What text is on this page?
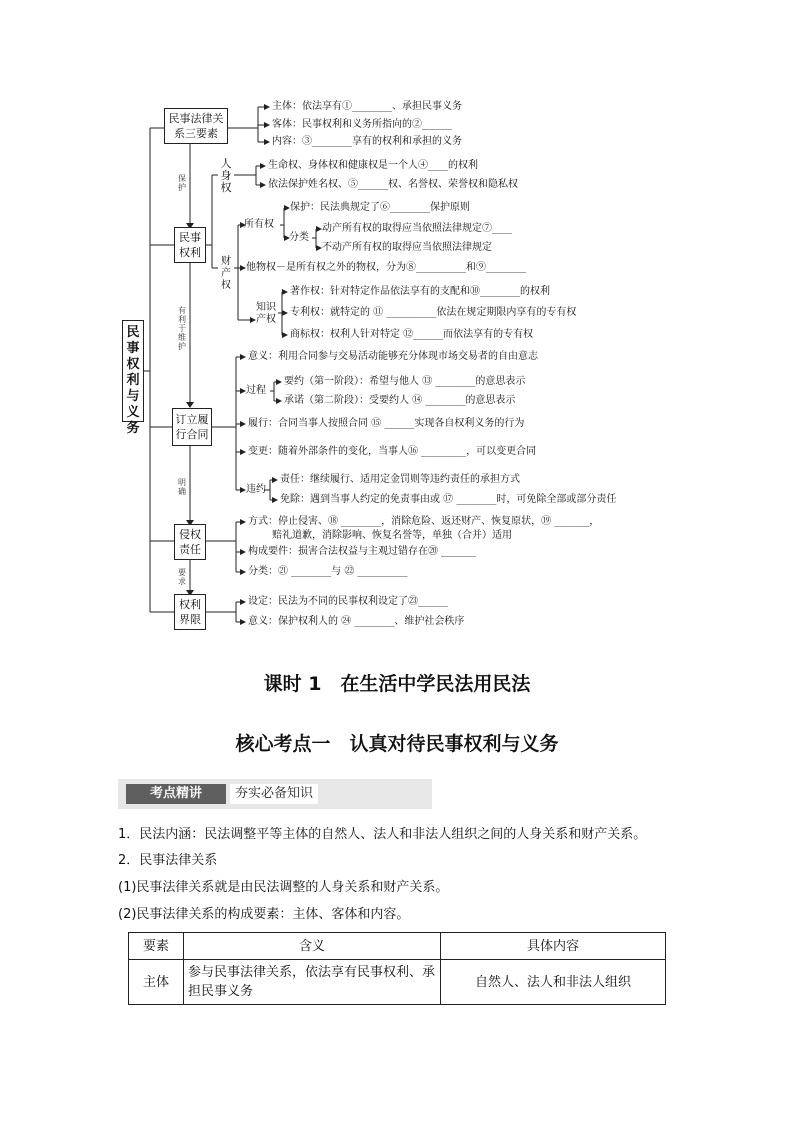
民事权利与义务
民事法律关系三要素
民事权利
订立履行合同
侵权责任
权利界限
保护
有利于维护
明确
要求
人身权
财产权
所有权
知识产权
过程
违约
分类
主体：依法享有①________、承担民事义务
客体：民事权利和义务所指向的②______
内容：③________享有的权利和承担的义务
生命权、身体权和健康权是一个人④____的权利
依法保护姓名权、⑤______权、名誉权、荣誉权和隐私权
保护：民法典规定了⑥________保护原则
动产所有权的取得应当依照法律规定⑦____
不动产所有权的取得应当依照法律规定
他物权－是所有权之外的物权，分为⑧__________和⑨________
著作权：针对特定作品依法享有的支配和⑩________的权利
专利权：就特定的 ⑪ __________依法在规定期限内享有的专有权
商标权：权利人针对特定 ⑫______而依法享有的专有权
意义：利用合同参与交易活动能够充分体现市场交易者的自由意志
要约（第一阶段）：希望与他人 ⑬ ________的意思表示
承诺（第二阶段）：受要约人 ⑭ ________的意思表示
履行：合同当事人按照合同 ⑮ ______实现各自权利义务的行为
变更：随着外部条件的变化，当事人⑯ _________，可以变更合同
责任：继续履行、适用定金罚则等违约责任的承担方式
免除：遇到当事人约定的免责事由或 ⑰ ________时，可免除全部或部分责任
方式：停止侵害、⑱ ________，消除危险、返还财产、恢复原状，⑲ _______，
赔礼道歉，消除影响、恢复名誉等，单独（合并）适用
构成要件：损害合法权益与主观过错存在⑳ _______
分类：㉑ ________与 ㉒ __________
设定：民法为不同的民事权利设定了㉓______
意义：保护权利人的 ㉔ ________、维护社会秩序
课时 1　在生活中学民法用民法
核心考点一　认真对待民事权利与义务
考点精讲	夯实必备知识
1．民法内涵：民法调整平等主体的自然人、法人和非法人组织之间的人身关系和财产关系。
2．民事法律关系
(1)民事法律关系就是由民法调整的人身关系和财产关系。
(2)民事法律关系的构成要素：主体、客体和内容。
要素	含义	具体内容
主体	参与民事法律关系，依法享有民事权利、承担民事义务	自然人、法人和非法人组织
